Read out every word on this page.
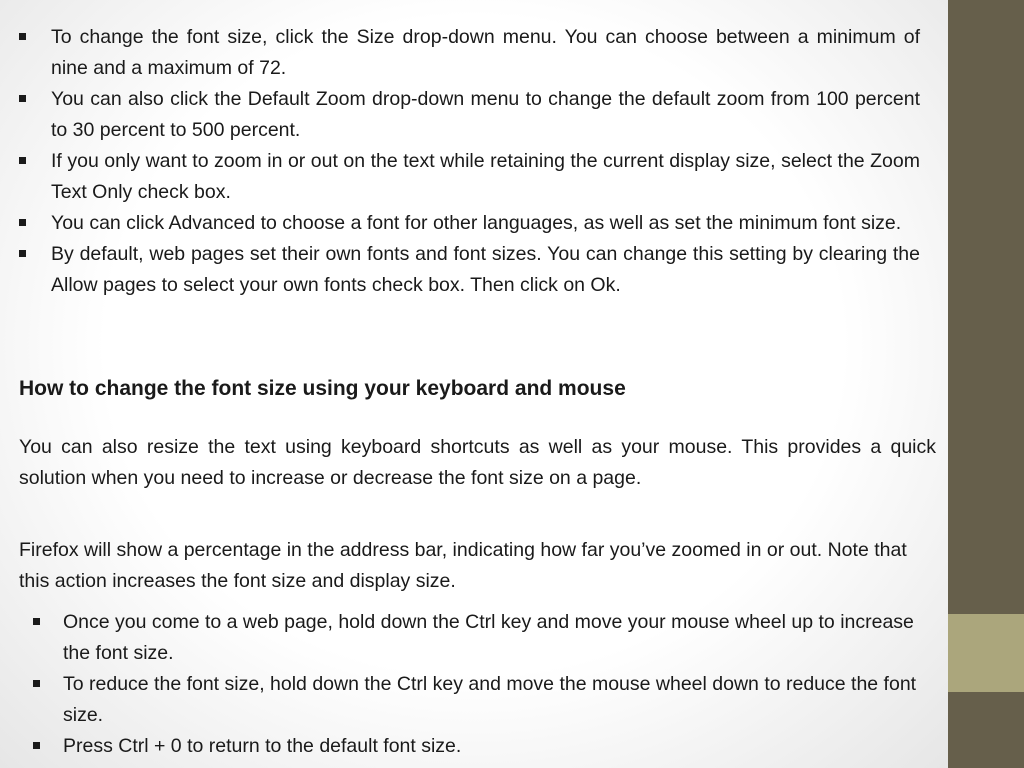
To change the font size, click the Size drop-down menu. You can choose between a minimum of nine and a maximum of 72.
You can also click the Default Zoom drop-down menu to change the default zoom from 100 percent to 30 percent to 500 percent.
If you only want to zoom in or out on the text while retaining the current display size, select the Zoom Text Only check box.
You can click Advanced to choose a font for other languages, as well as set the minimum font size.
By default, web pages set their own fonts and font sizes. You can change this setting by clearing the Allow pages to select your own fonts check box. Then click on Ok.
How to change the font size using your keyboard and mouse

You can also resize the text using keyboard shortcuts as well as your mouse. This provides a quick solution when you need to increase or decrease the font size on a page.

Firefox will show a percentage in the address bar, indicating how far you’ve zoomed in or out. Note that this action increases the font size and display size.

Once you come to a web page, hold down the Ctrl key and move your mouse wheel up to increase the font size.
To reduce the font size, hold down the Ctrl key and move the mouse wheel down to reduce the font size.
Press Ctrl + 0 to return to the default font size.
